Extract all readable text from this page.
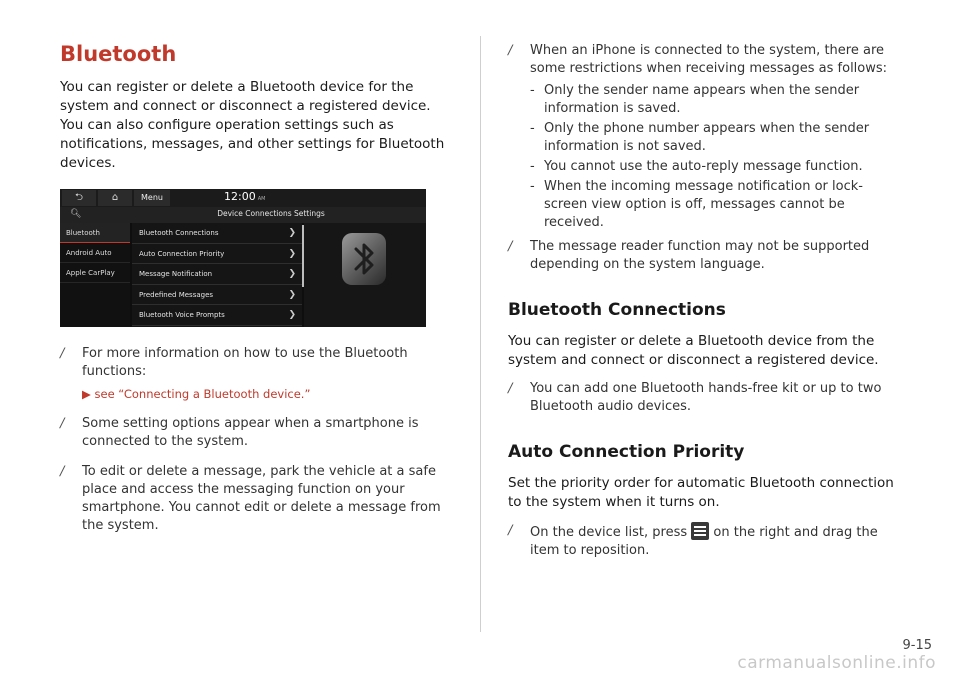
Bluetooth
You can register or delete a Bluetooth device for the system and connect or disconnect a registered device. You can also configure operation settings such as notifications, messages, and other settings for Bluetooth devices.
⮌	⌂	Menu	12:00 AM
🔍︎	Device Connections Settings
Bluetooth
Android Auto
Apple CarPlay
Bluetooth Connections	❯
Auto Connection Priority	❯
Message Notification	❯
Predefined Messages	❯
Bluetooth Voice Prompts	❯
∕ For more information on how to use the Bluetooth functions:
▶ see “Connecting a Bluetooth device.”
∕ Some setting options appear when a smartphone is connected to the system.
∕ To edit or delete a message, park the vehicle at a safe place and access the messaging function on your smartphone. You cannot edit or delete a message from the system.
∕ When an iPhone is connected to the system, there are some restrictions when receiving messages as follows:
- Only the sender name appears when the sender information is saved.
- Only the phone number appears when the sender information is not saved.
- You cannot use the auto-reply message function.
- When the incoming message notification or lock-screen view option is off, messages cannot be received.
∕ The message reader function may not be supported depending on the system language.
Bluetooth Connections
You can register or delete a Bluetooth device from the system and connect or disconnect a registered device.
∕ You can add one Bluetooth hands-free kit or up to two Bluetooth audio devices.
Auto Connection Priority
Set the priority order for automatic Bluetooth connection to the system when it turns on.
∕ On the device list, press on the right and drag the item to reposition.
9-15
carmanualsonline.info
